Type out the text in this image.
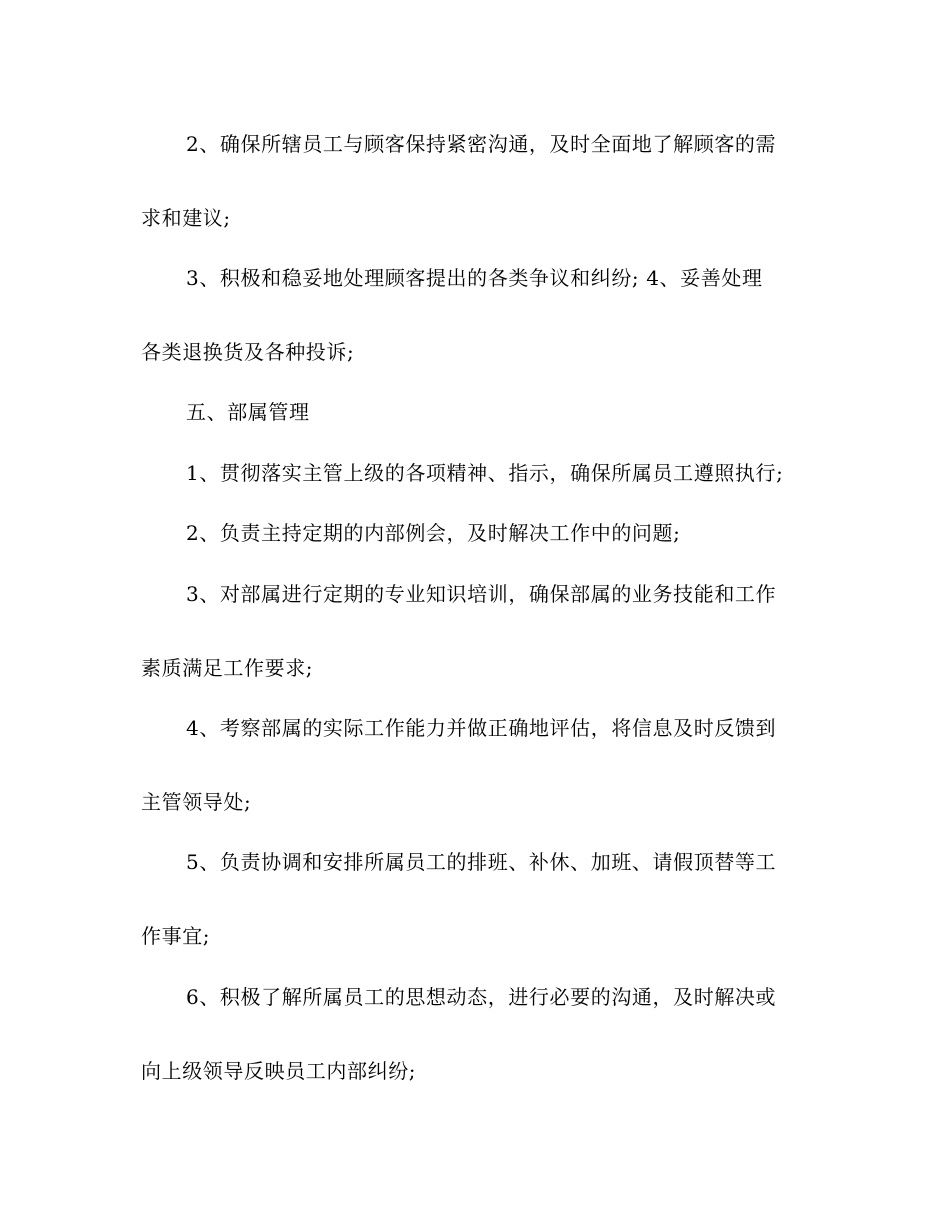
2、确保所辖员工与顾客保持紧密沟通，及时全面地了解顾客的需
求和建议;
3、积极和稳妥地处理顾客提出的各类争议和纠纷; 4、妥善处理
各类退换货及各种投诉;
五、部属管理
1、贯彻落实主管上级的各项精神、指示，确保所属员工遵照执行;
2、负责主持定期的内部例会，及时解决工作中的问题;
3、对部属进行定期的专业知识培训，确保部属的业务技能和工作
素质满足工作要求;
4、考察部属的实际工作能力并做正确地评估，将信息及时反馈到
主管领导处;
5、负责协调和安排所属员工的排班、补休、加班、请假顶替等工
作事宜;
6、积极了解所属员工的思想动态，进行必要的沟通，及时解决或
向上级领导反映员工内部纠纷;
